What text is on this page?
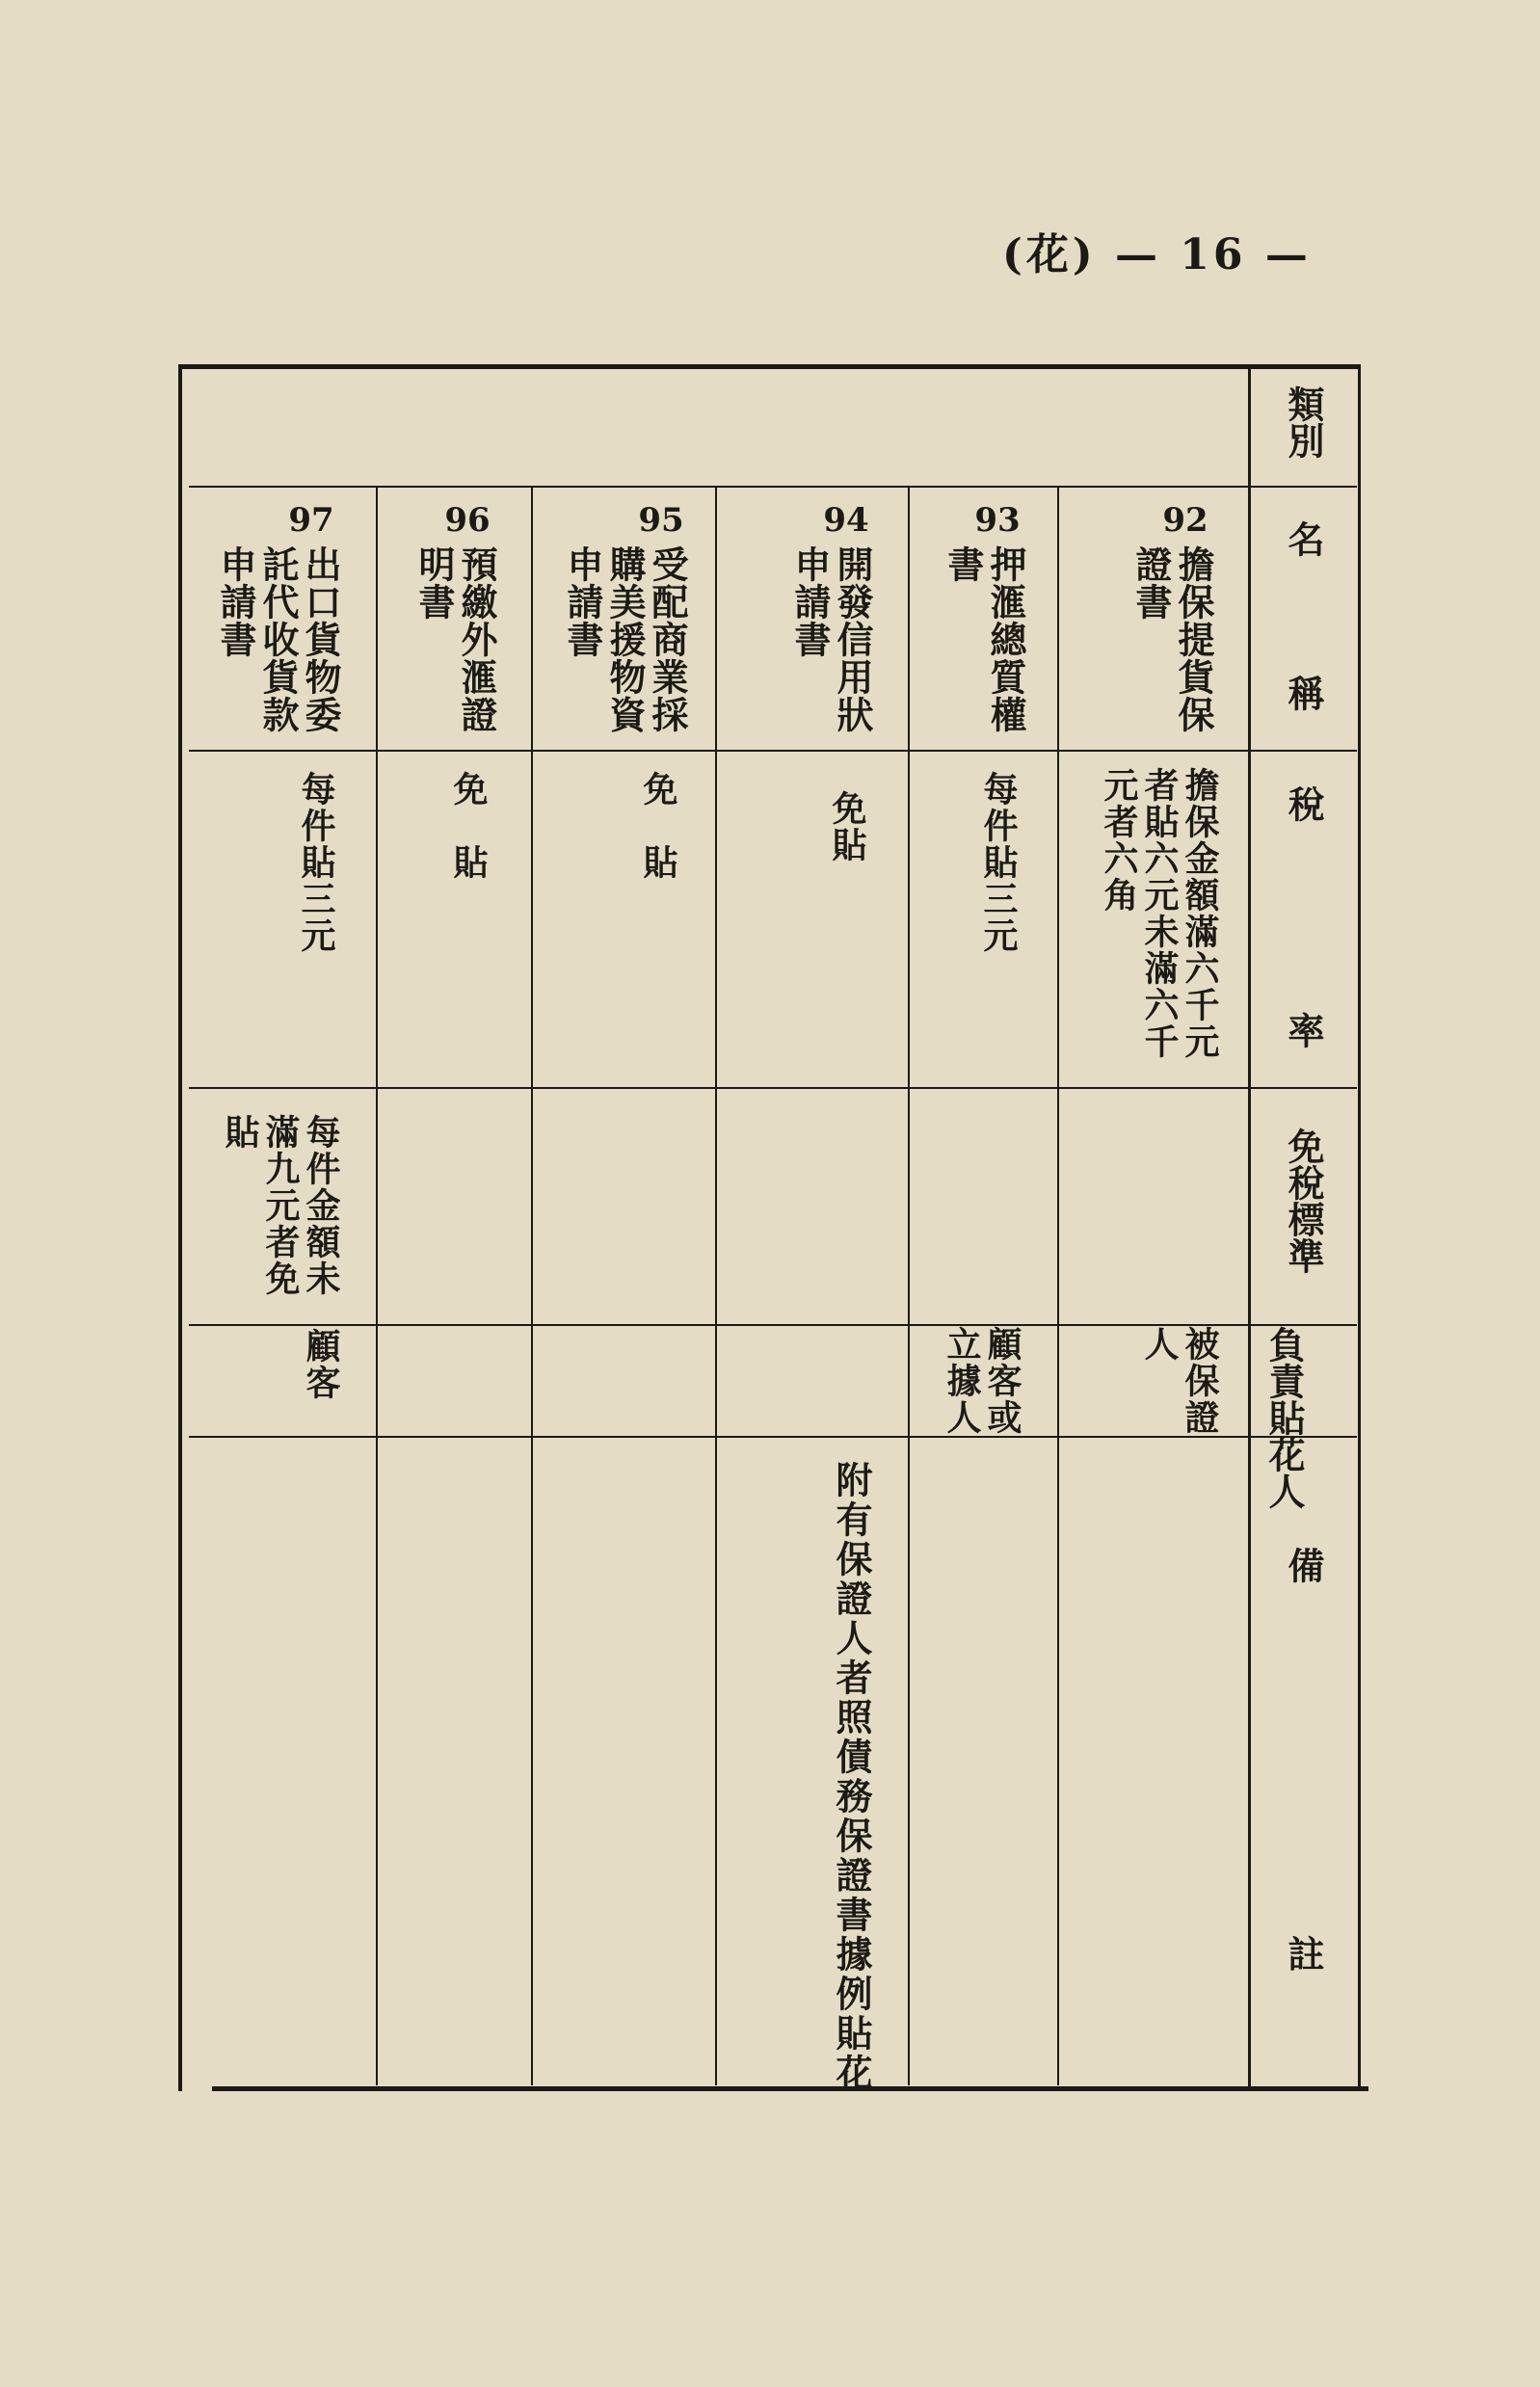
(花) — 16 —
類別
名
稱
稅
率
免稅標準
負責貼花人
備
註
92
擔保提貨保
證書
擔保金額滿六千元
者貼六元未滿六千
元者六角
被保證
人
93
押滙總質權
書
每件貼三元
顧客或
立據人
附有保證人者照債務保證書據例貼花
94
開發信用狀
申請書
免貼
95
受配商業採
購美援物資
申請書
免　貼
96
預繳外滙證
明書
免　貼
97
出口貨物委
託代收貨款
申請書
每件貼三元
每件金額未
滿九元者免
貼
顧客
